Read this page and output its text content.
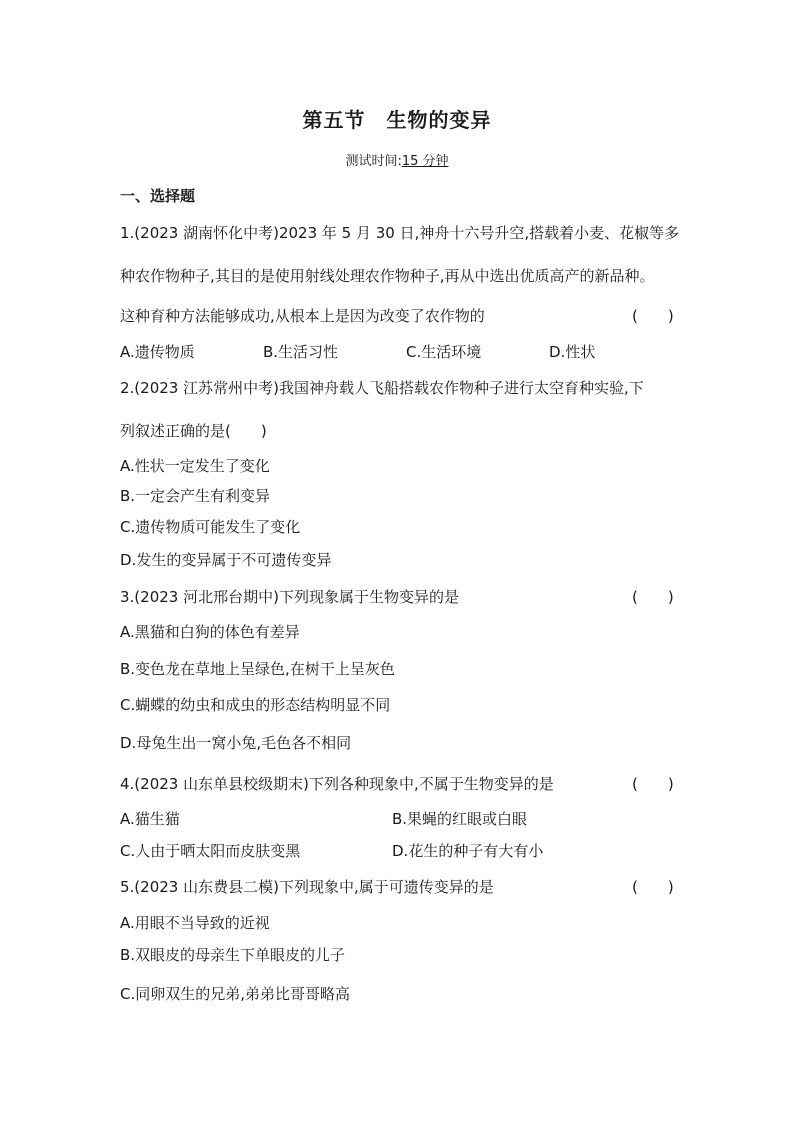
第五节　生物的变异
测试时间:15 分钟
一、选择题
1.(2023 湖南怀化中考)2023 年 5 月 30 日,神舟十六号升空,搭载着小麦、花椒等多
种农作物种子,其目的是使用射线处理农作物种子,再从中选出优质高产的新品种。
这种育种方法能够成功,从根本上是因为改变了农作物的	(　　)
A.遗传物质	B.生活习性	C.生活环境	D.性状
2.(2023 江苏常州中考)我国神舟载人飞船搭载农作物种子进行太空育种实验,下
列叙述正确的是(　　)
A.性状一定发生了变化
B.一定会产生有利变异
C.遗传物质可能发生了变化
D.发生的变异属于不可遗传变异
3.(2023 河北邢台期中)下列现象属于生物变异的是	(　　)
A.黑猫和白狗的体色有差异
B.变色龙在草地上呈绿色,在树干上呈灰色
C.蝴蝶的幼虫和成虫的形态结构明显不同
D.母兔生出一窝小兔,毛色各不相同
4.(2023 山东单县校级期末)下列各种现象中,不属于生物变异的是	(　　)
A.猫生猫	B.果蝇的红眼或白眼
C.人由于晒太阳而皮肤变黑	D.花生的种子有大有小
5.(2023 山东费县二模)下列现象中,属于可遗传变异的是	(　　)
A.用眼不当导致的近视
B.双眼皮的母亲生下单眼皮的儿子
C.同卵双生的兄弟,弟弟比哥哥略高
